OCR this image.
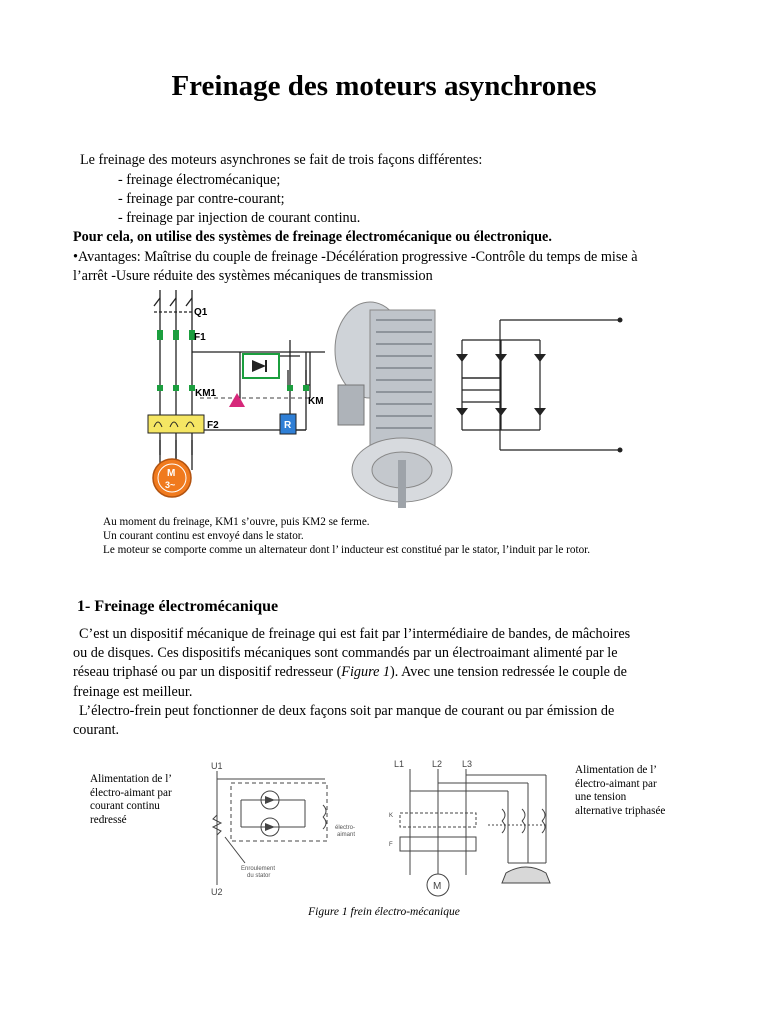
Freinage des moteurs asynchrones
Le freinage des moteurs asynchrones se fait de trois façons différentes:
- freinage électromécanique;
- freinage par contre-courant;
- freinage par injection de courant continu.
Pour cela, on utilise des systèmes de freinage électromécanique ou électronique.
•Avantages: Maîtrise du couple de freinage -Décélération progressive -Contrôle du temps de mise à
l’arrêt -Usure réduite des systèmes mécaniques de transmission
Q1
F1
KM1
KM
F2	R
M
3~
Au moment du freinage, KM1 s’ouvre, puis KM2 se ferme.
Un courant continu est envoyé dans le stator.
Le moteur se comporte comme un alternateur dont l’ inducteur est constitué par le stator, l’induit par le rotor.
1- Freinage électromécanique
C’est un dispositif mécanique de freinage qui est fait par l’intermédiaire de bandes, de mâchoires
ou de disques. Ces dispositifs mécaniques sont commandés par un électroaimant alimenté par le
réseau triphasé ou par un dispositif redresseur (Figure 1). Avec une tension redressée le couple de
freinage est meilleur.
L’électro-frein peut fonctionner de deux façons soit par manque de courant ou par émission de
courant.
Alimentation de l’
électro-aimant par
courant continu
redressé
Alimentation de l’
électro-aimant par
une tension
alternative triphasée
U1
U2
électro-
aimant
Enroulement
du stator
L1	L2 L3
K
F
M
Figure 1 frein électro-mécanique
